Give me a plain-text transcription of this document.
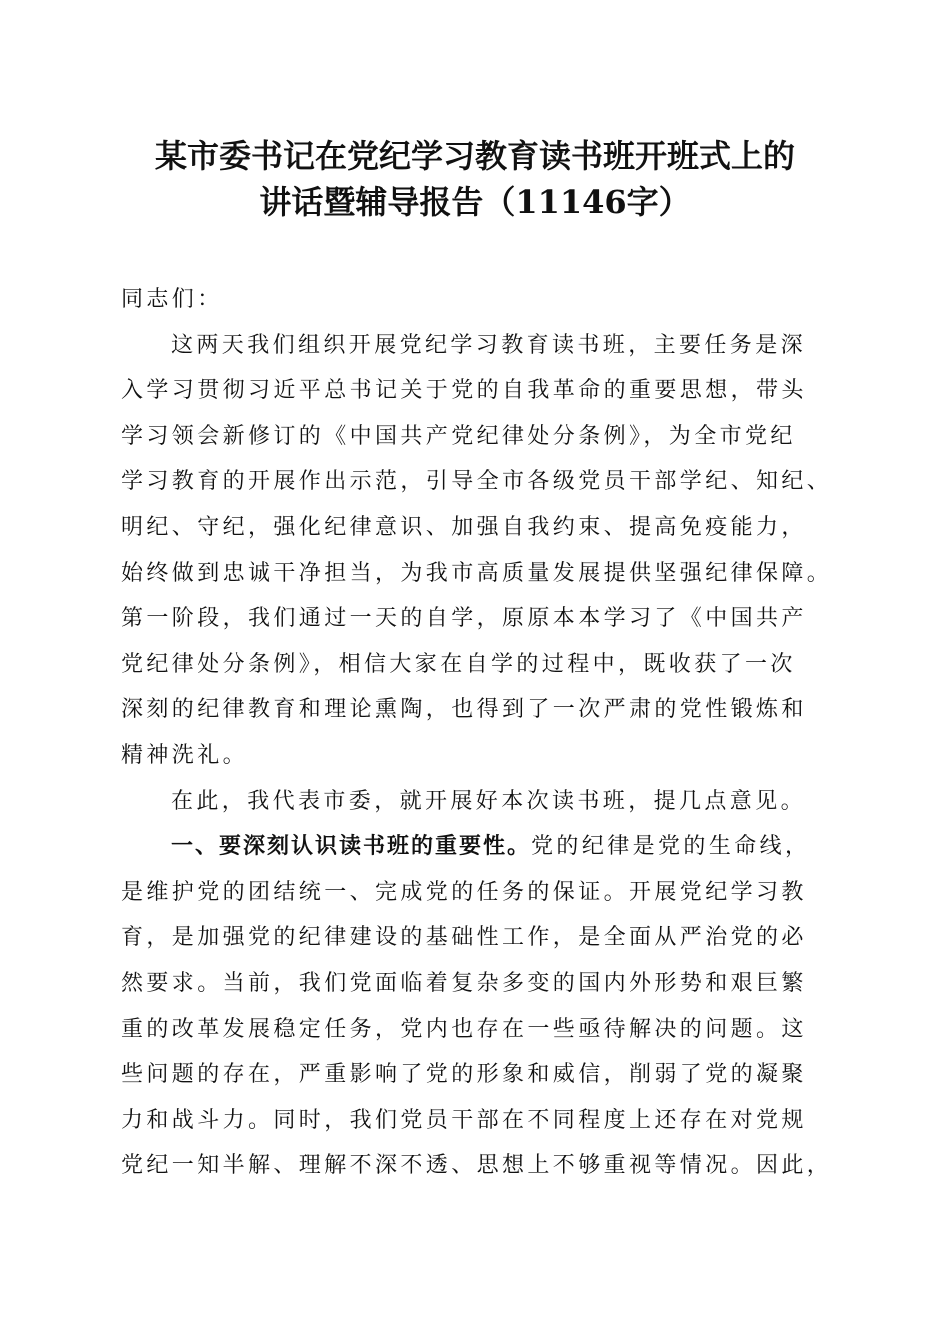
某市委书记在党纪学习教育读书班开班式上的
讲话暨辅导报告（11146字）
同志们：
这两天我们组织开展党纪学习教育读书班，主要任务是深
入学习贯彻习近平总书记关于党的自我革命的重要思想，带头
学习领会新修订的《中国共产党纪律处分条例》，为全市党纪
学习教育的开展作出示范，引导全市各级党员干部学纪、知纪、
明纪、守纪，强化纪律意识、加强自我约束、提高免疫能力，
始终做到忠诚干净担当，为我市高质量发展提供坚强纪律保障。
第一阶段，我们通过一天的自学，原原本本学习了《中国共产
党纪律处分条例》，相信大家在自学的过程中，既收获了一次
深刻的纪律教育和理论熏陶，也得到了一次严肃的党性锻炼和
精神洗礼。
在此，我代表市委，就开展好本次读书班，提几点意见。
一、要深刻认识读书班的重要性。党的纪律是党的生命线，
是维护党的团结统一、完成党的任务的保证。开展党纪学习教
育，是加强党的纪律建设的基础性工作，是全面从严治党的必
然要求。当前，我们党面临着复杂多变的国内外形势和艰巨繁
重的改革发展稳定任务，党内也存在一些亟待解决的问题。这
些问题的存在，严重影响了党的形象和威信，削弱了党的凝聚
力和战斗力。同时，我们党员干部在不同程度上还存在对党规
党纪一知半解、理解不深不透、思想上不够重视等情况。因此，
